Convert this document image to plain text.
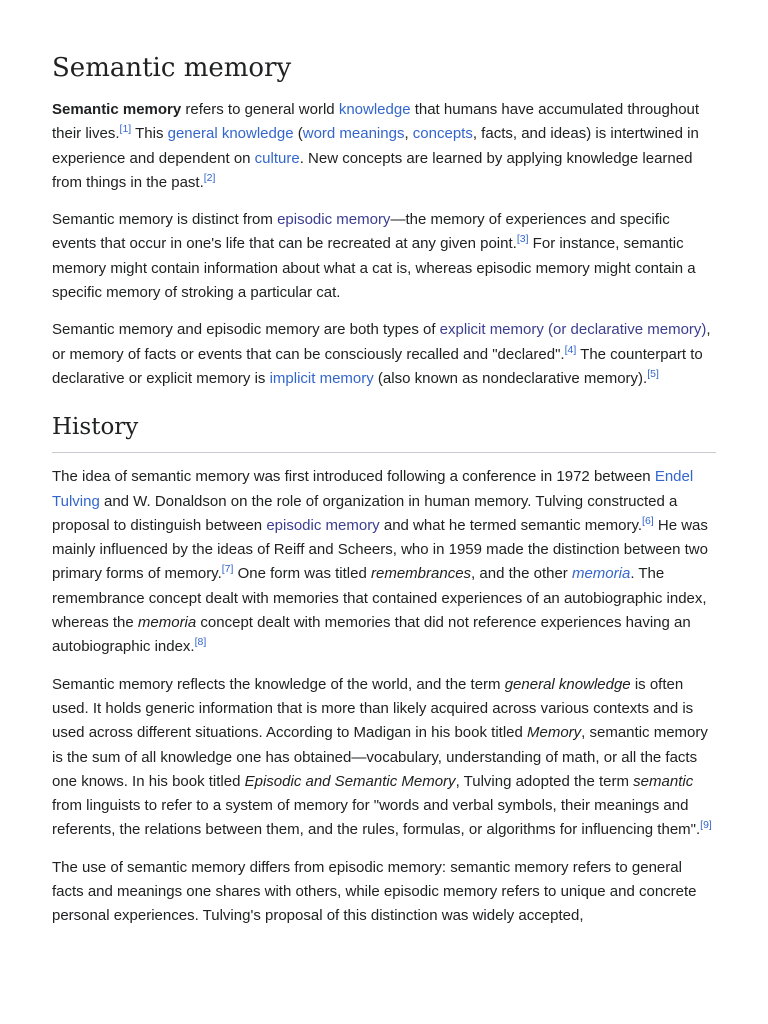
Semantic memory

Semantic memory refers to general world knowledge that humans have accumulated throughout their lives.[1] This general knowledge (word meanings, concepts, facts, and ideas) is intertwined in experience and dependent on culture. New concepts are learned by applying knowledge learned from things in the past.[2]

Semantic memory is distinct from episodic memory—the memory of experiences and specific events that occur in one's life that can be recreated at any given point.[3] For instance, semantic memory might contain information about what a cat is, whereas episodic memory might contain a specific memory of stroking a particular cat.

Semantic memory and episodic memory are both types of explicit memory (or declarative memory), or memory of facts or events that can be consciously recalled and "declared".[4] The counterpart to declarative or explicit memory is implicit memory (also known as nondeclarative memory).[5]

History

The idea of semantic memory was first introduced following a conference in 1972 between Endel Tulving and W. Donaldson on the role of organization in human memory. Tulving constructed a proposal to distinguish between episodic memory and what he termed semantic memory.[6] He was mainly influenced by the ideas of Reiff and Scheers, who in 1959 made the distinction between two primary forms of memory.[7] One form was titled remembrances, and the other memoria. The remembrance concept dealt with memories that contained experiences of an autobiographic index, whereas the memoria concept dealt with memories that did not reference experiences having an autobiographic index.[8]

Semantic memory reflects the knowledge of the world, and the term general knowledge is often used. It holds generic information that is more than likely acquired across various contexts and is used across different situations. According to Madigan in his book titled Memory, semantic memory is the sum of all knowledge one has obtained—vocabulary, understanding of math, or all the facts one knows. In his book titled Episodic and Semantic Memory, Tulving adopted the term semantic from linguists to refer to a system of memory for "words and verbal symbols, their meanings and referents, the relations between them, and the rules, formulas, or algorithms for influencing them".[9]

The use of semantic memory differs from episodic memory: semantic memory refers to general facts and meanings one shares with others, while episodic memory refers to unique and concrete personal experiences. Tulving's proposal of this distinction was widely accepted,
